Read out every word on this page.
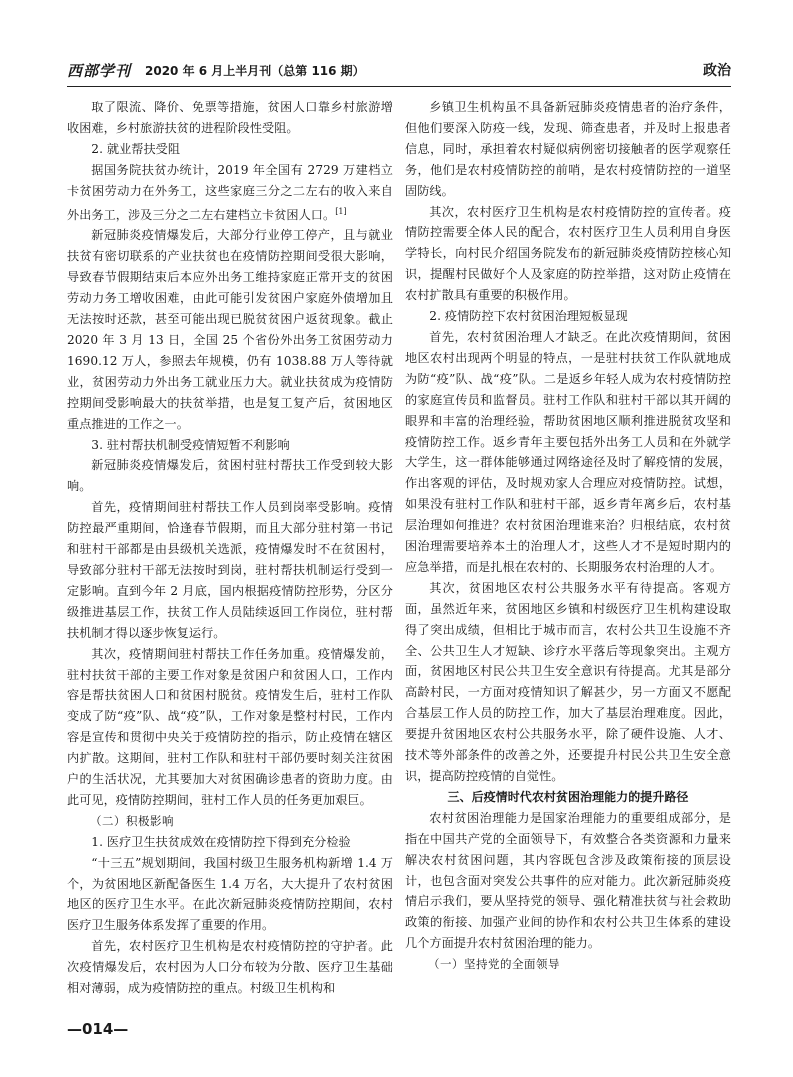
西部学刊 2020 年 6 月上半月刊（总第 116 期）	政治

取了限流、降价、免票等措施，贫困人口靠乡村旅游增收困难，乡村旅游扶贫的进程阶段性受阻。

2. 就业帮扶受阻

据国务院扶贫办统计，2019 年全国有 2729 万建档立卡贫困劳动力在外务工，这些家庭三分之二左右的收入来自外出务工，涉及三分之二左右建档立卡贫困人口。[1]

新冠肺炎疫情爆发后，大部分行业停工停产，且与就业扶贫有密切联系的产业扶贫也在疫情防控期间受很大影响，导致春节假期结束后本应外出务工维持家庭正常开支的贫困劳动力务工增收困难，由此可能引发贫困户家庭外债增加且无法按时还款，甚至可能出现已脱贫贫困户返贫现象。截止 2020 年 3 月 13 日，全国 25 个省份外出务工贫困劳动力 1690.12 万人，参照去年规模，仍有 1038.88 万人等待就业，贫困劳动力外出务工就业压力大。就业扶贫成为疫情防控期间受影响最大的扶贫举措，也是复工复产后，贫困地区重点推进的工作之一。

3. 驻村帮扶机制受疫情短暂不利影响

新冠肺炎疫情爆发后，贫困村驻村帮扶工作受到较大影响。

首先，疫情期间驻村帮扶工作人员到岗率受影响。疫情防控最严重期间，恰逢春节假期，而且大部分驻村第一书记和驻村干部都是由县级机关选派，疫情爆发时不在贫困村，导致部分驻村干部无法按时到岗，驻村帮扶机制运行受到一定影响。直到今年 2 月底，国内根据疫情防控形势，分区分级推进基层工作，扶贫工作人员陆续返回工作岗位，驻村帮扶机制才得以逐步恢复运行。

其次，疫情期间驻村帮扶工作任务加重。疫情爆发前，驻村扶贫干部的主要工作对象是贫困户和贫困人口，工作内容是帮扶贫困人口和贫困村脱贫。疫情发生后，驻村工作队变成了防“疫”队、战“疫”队，工作对象是整村村民，工作内容是宣传和贯彻中央关于疫情防控的指示，防止疫情在辖区内扩散。这期间，驻村工作队和驻村干部仍要时刻关注贫困户的生活状况，尤其要加大对贫困确诊患者的资助力度。由此可见，疫情防控期间，驻村工作人员的任务更加艰巨。

（二）积极影响

1. 医疗卫生扶贫成效在疫情防控下得到充分检验

“十三五”规划期间，我国村级卫生服务机构新增 1.4 万个，为贫困地区新配备医生 1.4 万名，大大提升了农村贫困地区的医疗卫生水平。在此次新冠肺炎疫情防控期间，农村医疗卫生服务体系发挥了重要的作用。

首先，农村医疗卫生机构是农村疫情防控的守护者。此次疫情爆发后，农村因为人口分布较为分散、医疗卫生基础相对薄弱，成为疫情防控的重点。村级卫生机构和

乡镇卫生机构虽不具备新冠肺炎疫情患者的治疗条件，但他们要深入防疫一线，发现、筛查患者，并及时上报患者信息，同时，承担着农村疑似病例密切接触者的医学观察任务，他们是农村疫情防控的前哨，是农村疫情防控的一道坚固防线。

其次，农村医疗卫生机构是农村疫情防控的宣传者。疫情防控需要全体人民的配合，农村医疗卫生人员利用自身医学特长，向村民介绍国务院发布的新冠肺炎疫情防控核心知识，提醒村民做好个人及家庭的防控举措，这对防止疫情在农村扩散具有重要的积极作用。

2. 疫情防控下农村贫困治理短板显现

首先，农村贫困治理人才缺乏。在此次疫情期间，贫困地区农村出现两个明显的特点，一是驻村扶贫工作队就地成为防“疫”队、战“疫”队。二是返乡年轻人成为农村疫情防控的家庭宣传员和监督员。驻村工作队和驻村干部以其开阔的眼界和丰富的治理经验，帮助贫困地区顺利推进脱贫攻坚和疫情防控工作。返乡青年主要包括外出务工人员和在外就学大学生，这一群体能够通过网络途径及时了解疫情的发展，作出客观的评估，及时规劝家人合理应对疫情防控。试想，如果没有驻村工作队和驻村干部，返乡青年离乡后，农村基层治理如何推进？农村贫困治理谁来治？归根结底，农村贫困治理需要培养本土的治理人才，这些人才不是短时期内的应急举措，而是扎根在农村的、长期服务农村治理的人才。

其次，贫困地区农村公共服务水平有待提高。客观方面，虽然近年来，贫困地区乡镇和村级医疗卫生机构建设取得了突出成绩，但相比于城市而言，农村公共卫生设施不齐全、公共卫生人才短缺、诊疗水平落后等现象突出。主观方面，贫困地区村民公共卫生安全意识有待提高。尤其是部分高龄村民，一方面对疫情知识了解甚少，另一方面又不愿配合基层工作人员的防控工作，加大了基层治理难度。因此，要提升贫困地区农村公共服务水平，除了硬件设施、人才、技术等外部条件的改善之外，还要提升村民公共卫生安全意识，提高防控疫情的自觉性。

三、后疫情时代农村贫困治理能力的提升路径

农村贫困治理能力是国家治理能力的重要组成部分，是指在中国共产党的全面领导下，有效整合各类资源和力量来解决农村贫困问题，其内容既包含涉及政策衔接的顶层设计，也包含面对突发公共事件的应对能力。此次新冠肺炎疫情启示我们，要从坚持党的领导、强化精准扶贫与社会救助政策的衔接、加强产业间的协作和农村公共卫生体系的建设几个方面提升农村贫困治理的能力。

（一）坚持党的全面领导

—014—
